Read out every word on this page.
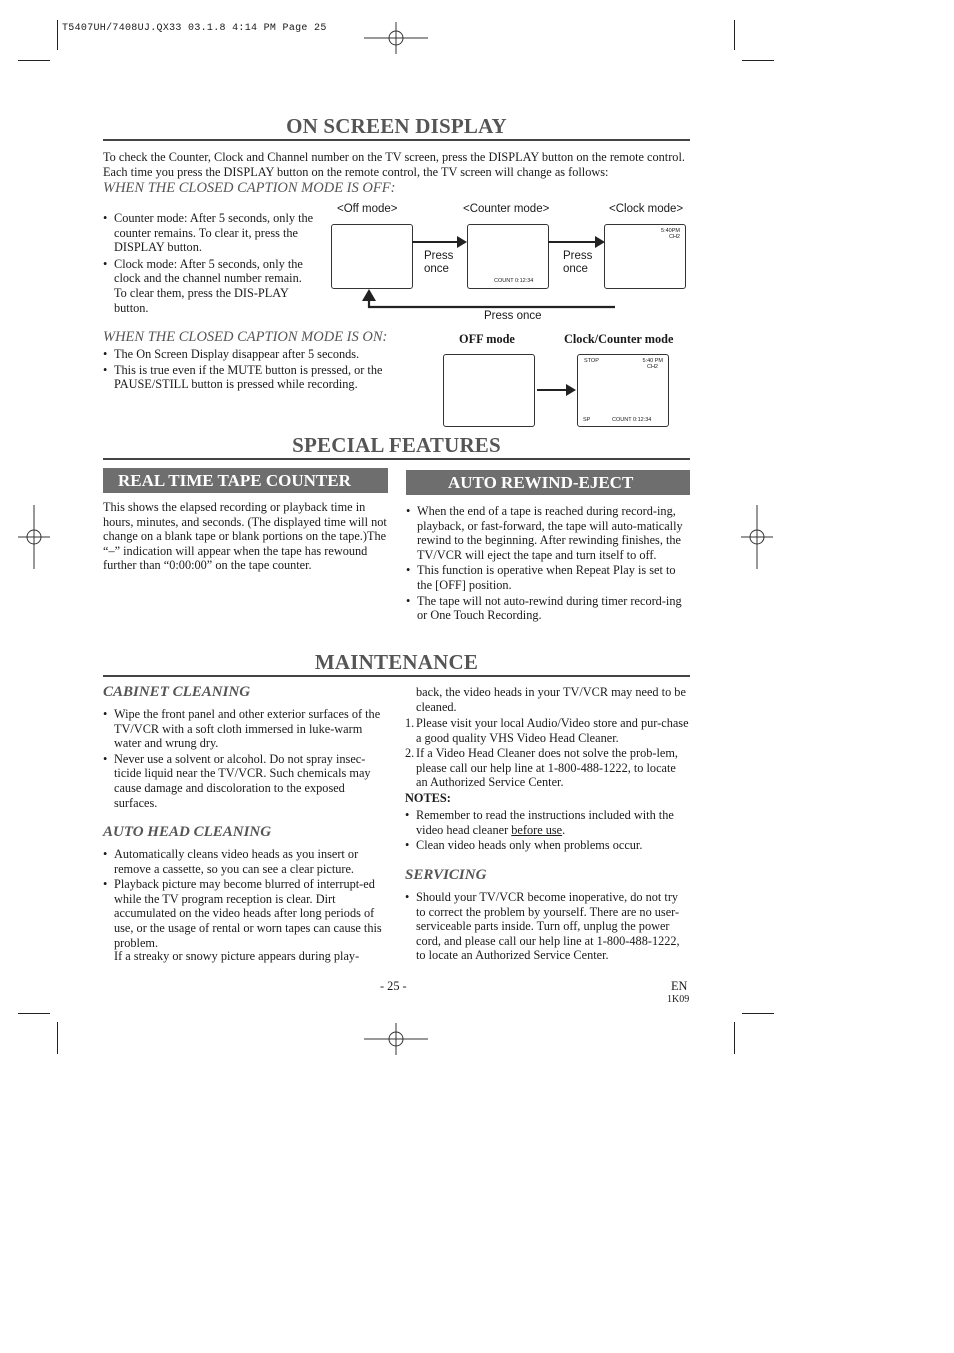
T5407UH/7408UJ.QX33 03.1.8 4:14 PM Page 25
ON SCREEN DISPLAY
To check the Counter, Clock and Channel number on the TV screen, press the DISPLAY button on the remote control. Each time you press the DISPLAY button on the remote control, the TV screen will change as follows:
WHEN THE CLOSED CAPTION MODE IS OFF:
• Counter mode: After 5 seconds, only the counter remains. To clear it, press the DISPLAY button.
• Clock mode: After 5 seconds, only the clock and the channel number remain. To clear them, press the DIS-PLAY button.
<Off mode>	<Counter mode>	<Clock mode>
COUNT 0:12:34
5:40PM
CH2
Press
once
Press
once
Press once
WHEN THE CLOSED CAPTION MODE IS ON:
• The On Screen Display disappear after 5 seconds.
• This is true even if the MUTE button is pressed, or the PAUSE/STILL button is pressed while recording.
OFF mode	Clock/Counter mode
STOP	5:40 PM
CH2
SP	COUNT 0:12:34
SPECIAL FEATURES
REAL TIME TAPE COUNTER	AUTO REWIND-EJECT
This shows the elapsed recording or playback time in hours, minutes, and seconds. (The displayed time will not change on a blank tape or blank portions on the tape.)The “–” indication will appear when the tape has rewound further than “0:00:00” on the tape counter.
• When the end of a tape is reached during record-ing, playback, or fast-forward, the tape will auto-matically rewind to the beginning. After rewinding finishes, the TV/VCR will eject the tape and turn itself to off.
• This function is operative when Repeat Play is set to the [OFF] position.
• The tape will not auto-rewind during timer record-ing or One Touch Recording.
MAINTENANCE
CABINET CLEANING
• Wipe the front panel and other exterior surfaces of the TV/VCR with a soft cloth immersed in luke-warm water and wrung dry.
• Never use a solvent or alcohol. Do not spray insec-ticide liquid near the TV/VCR. Such chemicals may cause damage and discoloration to the exposed surfaces.
AUTO HEAD CLEANING
• Automatically cleans video heads as you insert or remove a cassette, so you can see a clear picture.
• Playback picture may become blurred of interrupt-ed while the TV program reception is clear. Dirt accumulated on the video heads after long periods of use, or the usage of rental or worn tapes can cause this problem.
If a streaky or snowy picture appears during play-
back, the video heads in your TV/VCR may need to be cleaned.
1. Please visit your local Audio/Video store and pur-chase a good quality VHS Video Head Cleaner.
2. If a Video Head Cleaner does not solve the prob-lem, please call our help line at 1-800-488-1222, to locate an Authorized Service Center.
NOTES:
• Remember to read the instructions included with the video head cleaner before use.
• Clean video heads only when problems occur.
SERVICING
• Should your TV/VCR become inoperative, do not try to correct the problem by yourself. There are no user-serviceable parts inside. Turn off, unplug the power cord, and please call our help line at 1-800-488-1222, to locate an Authorized Service Center.
- 25 -	EN
1K09
